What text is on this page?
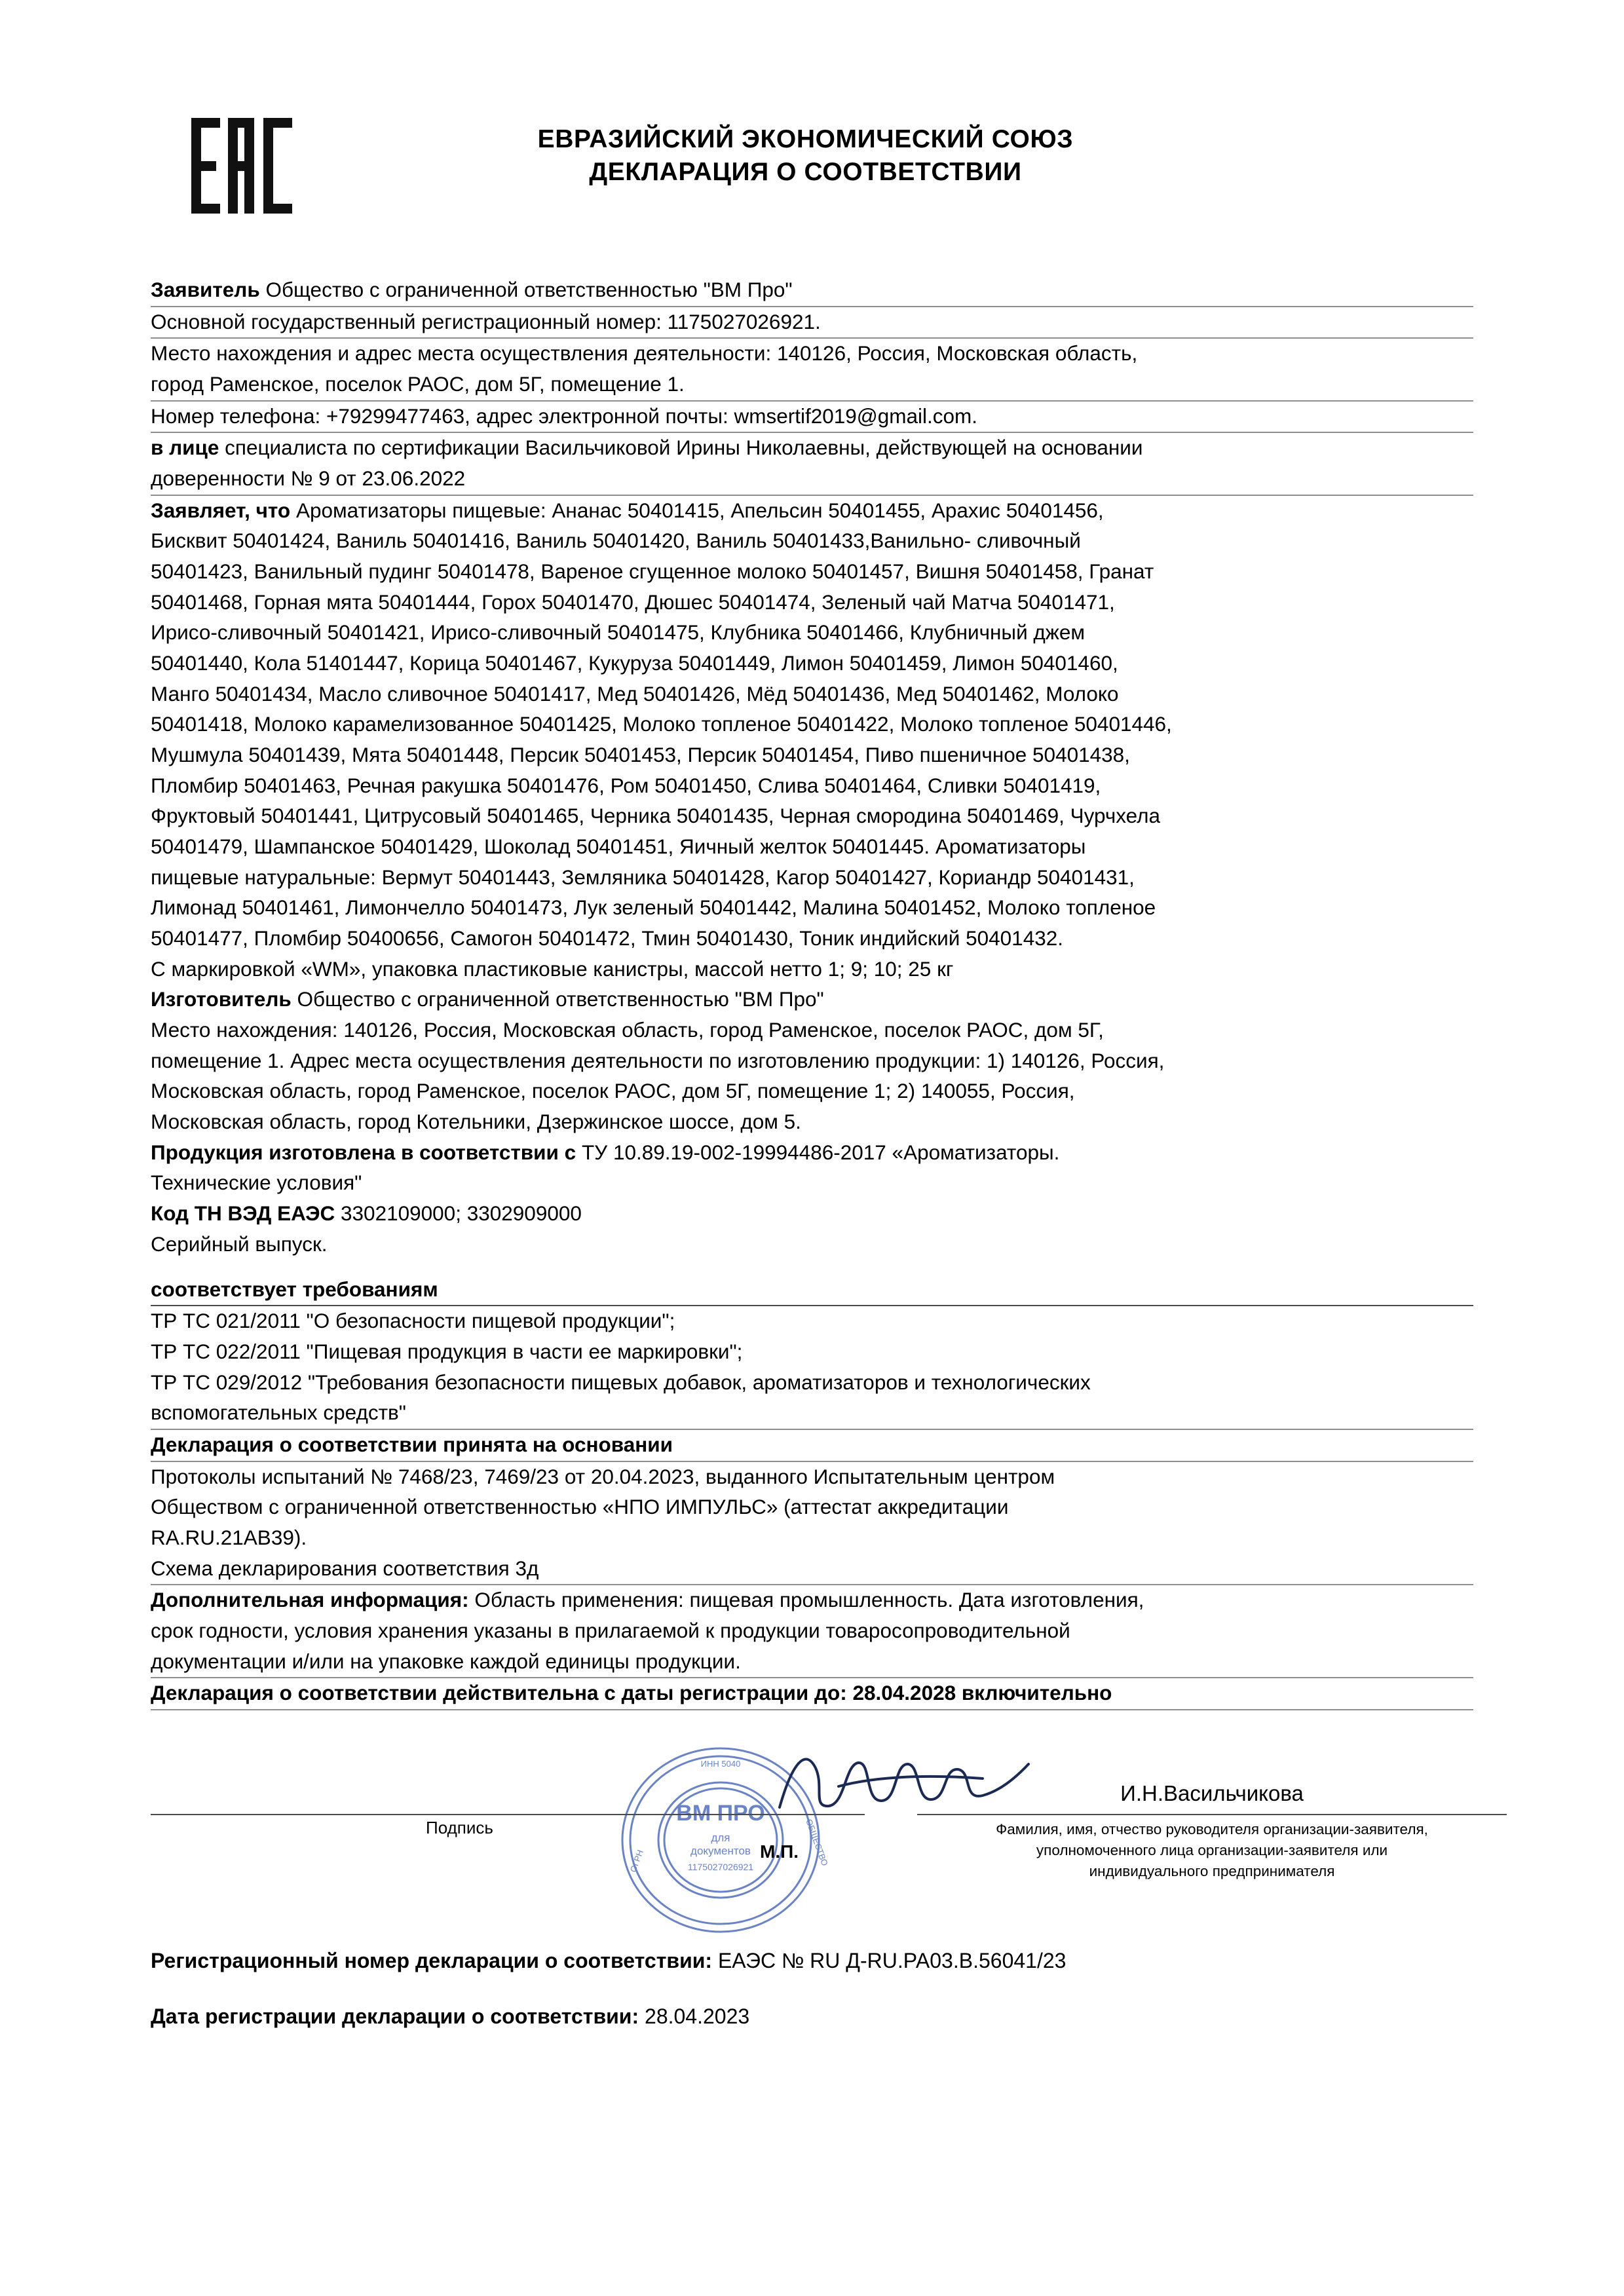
ЕВРАЗИЙСКИЙ ЭКОНОМИЧЕСКИЙ СОЮЗ
ДЕКЛАРАЦИЯ О СООТВЕТСТВИИ
Заявитель Общество с ограниченной ответственностью "ВМ Про"
Основной государственный регистрационный номер: 1175027026921.
Место нахождения и адрес места осуществления деятельности: 140126, Россия, Московская область,
город Раменское, поселок РАОС, дом 5Г, помещение 1.
Номер телефона: +79299477463, адрес электронной почты: wmsertif2019@gmail.com.
в лице специалиста по сертификации Васильчиковой Ирины Николаевны, действующей на основании
доверенности № 9 от 23.06.2022
Заявляет, что Ароматизаторы пищевые: Ананас 50401415, Апельсин 50401455, Арахис 50401456,
Бисквит 50401424, Ваниль 50401416, Ваниль 50401420, Ваниль 50401433,Ванильно- сливочный
50401423, Ванильный пудинг 50401478, Вареное сгущенное молоко 50401457, Вишня 50401458, Гранат
50401468, Горная мята 50401444, Горох 50401470, Дюшес 50401474, Зеленый чай Матча 50401471,
Ирисо-сливочный 50401421, Ирисо-сливочный 50401475, Клубника 50401466, Клубничный джем
50401440, Кола 51401447, Корица 50401467, Кукуруза 50401449, Лимон 50401459, Лимон 50401460,
Манго 50401434, Масло сливочное 50401417, Мед 50401426, Мёд 50401436, Мед 50401462, Молоко
50401418, Молоко карамелизованное 50401425, Молоко топленое 50401422, Молоко топленое 50401446,
Мушмула 50401439, Мята 50401448, Персик 50401453, Персик 50401454, Пиво пшеничное 50401438,
Пломбир 50401463, Речная ракушка 50401476, Ром 50401450, Слива 50401464, Сливки 50401419,
Фруктовый 50401441, Цитрусовый 50401465, Черника 50401435, Черная смородина 50401469, Чурчхела
50401479, Шампанское 50401429, Шоколад 50401451, Яичный желток 50401445. Ароматизаторы
пищевые натуральные: Вермут 50401443, Земляника 50401428, Кагор 50401427, Кориандр 50401431,
Лимонад 50401461, Лимончелло 50401473, Лук зеленый 50401442, Малина 50401452, Молоко топленое
50401477, Пломбир 50400656, Самогон 50401472, Тмин 50401430, Тоник индийский 50401432.
С маркировкой «WM», упаковка пластиковые канистры, массой нетто 1; 9; 10; 25 кг
Изготовитель Общество с ограниченной ответственностью "ВМ Про"
Место нахождения: 140126, Россия, Московская область, город Раменское, поселок РАОС, дом 5Г,
помещение 1. Адрес места осуществления деятельности по изготовлению продукции: 1) 140126, Россия,
Московская область, город Раменское, поселок РАОС, дом 5Г, помещение 1; 2) 140055, Россия,
Московская область, город Котельники, Дзержинское шоссе, дом 5.
Продукция изготовлена в соответствии с ТУ 10.89.19-002-19994486-2017 «Ароматизаторы.
Технические условия"
Код ТН ВЭД ЕАЭС 3302109000; 3302909000
Серийный выпуск.
соответствует требованиям
ТР ТС 021/2011 "О безопасности пищевой продукции";
ТР ТС 022/2011 "Пищевая продукция в части ее маркировки";
ТР ТС 029/2012 "Требования безопасности пищевых добавок, ароматизаторов и технологических
вспомогательных средств"
Декларация о соответствии принята на основании
Протоколы испытаний № 7468/23, 7469/23 от 20.04.2023, выданного Испытательным центром
Обществом с ограниченной ответственностью «НПО ИМПУЛЬС» (аттестат аккредитации
RA.RU.21AB39).
Схема декларирования соответствия 3д
Дополнительная информация: Область применения: пищевая промышленность. Дата изготовления,
срок годности, условия хранения указаны в прилагаемой к продукции товаросопроводительной
документации и/или на упаковке каждой единицы продукции.
Декларация о соответствии действительна с даты регистрации до: 28.04.2028 включительно
ВМ ПРО
для
документов
1175027026921
ИНН 5040
ОГРН	ОБЩЕСТВО
Подпись
М.П.
И.Н.Васильчикова
Фамилия, имя, отчество руководителя организации-заявителя,
уполномоченного лица организации-заявителя или
индивидуального предпринимателя
Регистрационный номер декларации о соответствии: ЕАЭС № RU Д-RU.РА03.В.56041/23
Дата регистрации декларации о соответствии: 28.04.2023
